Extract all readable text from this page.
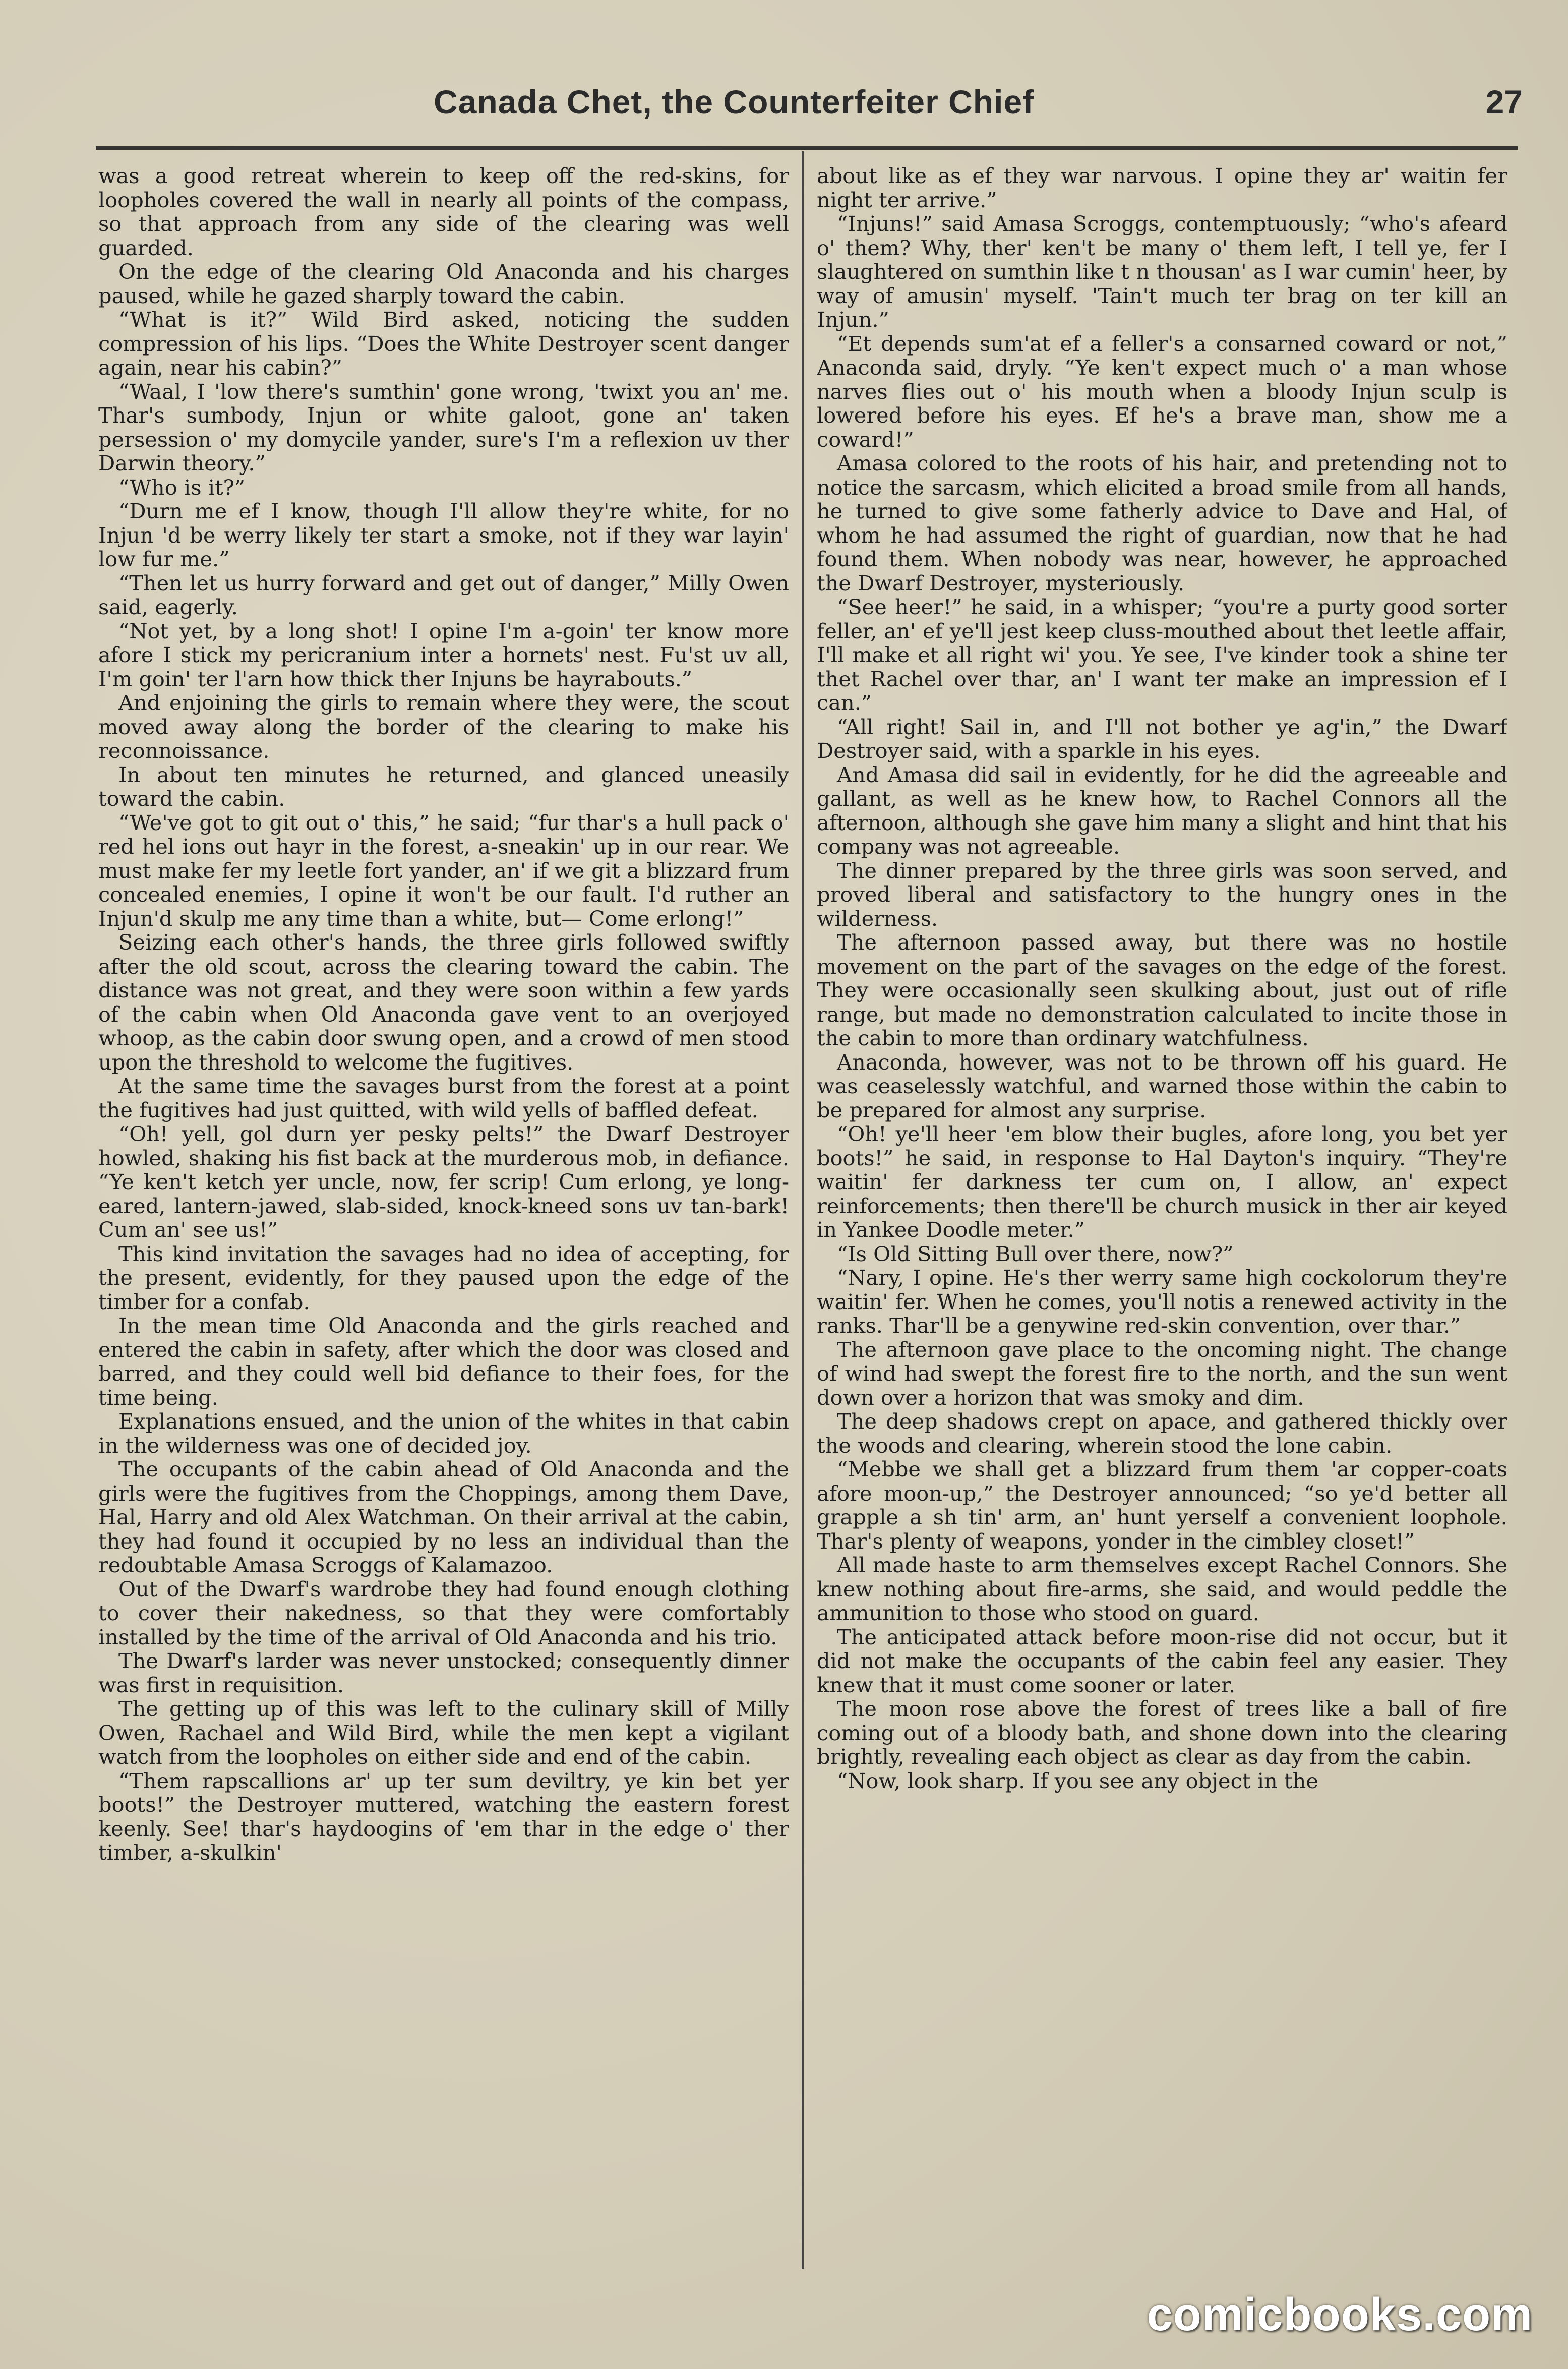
Canada Chet, the Counterfeiter Chief	27

was a good retreat wherein to keep off the red-skins, for loopholes covered the wall in nearly all points of the compass, so that approach from any side of the clearing was well guarded.

On the edge of the clearing Old Anaconda and his charges paused, while he gazed sharply toward the cabin.

“What is it?” Wild Bird asked, noticing the sudden compression of his lips. “Does the White Destroyer scent danger again, near his cabin?”

“Waal, I 'low there's sumthin' gone wrong, 'twixt you an' me. Thar's sumbody, Injun or white galoot, gone an' taken persession o' my domycile yander, sure's I'm a reflexion uv ther Darwin theory.”

“Who is it?”

“Durn me ef I know, though I'll allow they're white, for no Injun 'd be werry likely ter start a smoke, not if they war layin' low fur me.”

“Then let us hurry forward and get out of danger,” Milly Owen said, eagerly.

“Not yet, by a long shot! I opine I'm a-goin' ter know more afore I stick my pericranium inter a hornets' nest. Fu'st uv all, I'm goin' ter l'arn how thick ther Injuns be hayrabouts.”

And enjoining the girls to remain where they were, the scout moved away along the border of the clearing to make his reconnoissance.

In about ten minutes he returned, and glanced uneasily toward the cabin.

“We've got to git out o' this,” he said; “fur thar's a hull pack o' red hel ions out hayr in the forest, a-sneakin' up in our rear. We must make fer my leetle fort yander, an' if we git a blizzard frum concealed enemies, I opine it won't be our fault. I'd ruther an Injun'd skulp me any time than a white, but— Come erlong!”

Seizing each other's hands, the three girls followed swiftly after the old scout, across the clearing toward the cabin. The distance was not great, and they were soon within a few yards of the cabin when Old Anaconda gave vent to an overjoyed whoop, as the cabin door swung open, and a crowd of men stood upon the threshold to welcome the fugitives.

At the same time the savages burst from the forest at a point the fugitives had just quitted, with wild yells of baffled defeat.

“Oh! yell, gol durn yer pesky pelts!” the Dwarf Destroyer howled, shaking his fist back at the murderous mob, in defiance. “Ye ken't ketch yer uncle, now, fer scrip! Cum erlong, ye long-eared, lantern-jawed, slab-sided, knock-kneed sons uv tan-bark! Cum an' see us!”

This kind invitation the savages had no idea of accepting, for the present, evidently, for they paused upon the edge of the timber for a confab.

In the mean time Old Anaconda and the girls reached and entered the cabin in safety, after which the door was closed and barred, and they could well bid defiance to their foes, for the time being.

Explanations ensued, and the union of the whites in that cabin in the wilderness was one of decided joy.

The occupants of the cabin ahead of Old Anaconda and the girls were the fugitives from the Choppings, among them Dave, Hal, Harry and old Alex Watchman. On their arrival at the cabin, they had found it occupied by no less an individual than the redoubtable Amasa Scroggs of Kalamazoo.

Out of the Dwarf's wardrobe they had found enough clothing to cover their nakedness, so that they were comfortably installed by the time of the arrival of Old Anaconda and his trio.

The Dwarf's larder was never unstocked; consequently dinner was first in requisition.

The getting up of this was left to the culinary skill of Milly Owen, Rachael and Wild Bird, while the men kept a vigilant watch from the loopholes on either side and end of the cabin.

“Them rapscallions ar' up ter sum deviltry, ye kin bet yer boots!” the Destroyer muttered, watching the eastern forest keenly. See! thar's haydoogins of 'em thar in the edge o' ther timber, a-skulkin'

about like as ef they war narvous. I opine they ar' waitin fer night ter arrive.”

“Injuns!” said Amasa Scroggs, contemptuously; “who's afeard o' them? Why, ther' ken't be many o' them left, I tell ye, fer I slaughtered on sumthin like t n thousan' as I war cumin' heer, by way of amusin' myself. 'Tain't much ter brag on ter kill an Injun.”

“Et depends sum'at ef a feller's a consarned coward or not,” Anaconda said, dryly. “Ye ken't expect much o' a man whose narves flies out o' his mouth when a bloody Injun sculp is lowered before his eyes. Ef he's a brave man, show me a coward!”

Amasa colored to the roots of his hair, and pretending not to notice the sarcasm, which elicited a broad smile from all hands, he turned to give some fatherly advice to Dave and Hal, of whom he had assumed the right of guardian, now that he had found them. When nobody was near, however, he approached the Dwarf Destroyer, mysteriously.

“See heer!” he said, in a whisper; “you're a purty good sorter feller, an' ef ye'll jest keep cluss-mouthed about thet leetle affair, I'll make et all right wi' you. Ye see, I've kinder took a shine ter thet Rachel over thar, an' I want ter make an impression ef I can.”

“All right! Sail in, and I'll not bother ye ag'in,” the Dwarf Destroyer said, with a sparkle in his eyes.

And Amasa did sail in evidently, for he did the agreeable and gallant, as well as he knew how, to Rachel Connors all the afternoon, although she gave him many a slight and hint that his company was not agreeable.

The dinner prepared by the three girls was soon served, and proved liberal and satisfactory to the hungry ones in the wilderness.

The afternoon passed away, but there was no hostile movement on the part of the savages on the edge of the forest. They were occasionally seen skulking about, just out of rifle range, but made no demonstration calculated to incite those in the cabin to more than ordinary watchfulness.

Anaconda, however, was not to be thrown off his guard. He was ceaselessly watchful, and warned those within the cabin to be prepared for almost any surprise.

“Oh! ye'll heer 'em blow their bugles, afore long, you bet yer boots!” he said, in response to Hal Dayton's inquiry. “They're waitin' fer darkness ter cum on, I allow, an' expect reinforcements; then there'll be church musick in ther air keyed in Yankee Doodle meter.”

“Is Old Sitting Bull over there, now?”

“Nary, I opine. He's ther werry same high cockolorum they're waitin' fer. When he comes, you'll notis a renewed activity in the ranks. Thar'll be a genywine red-skin convention, over thar.”

The afternoon gave place to the oncoming night. The change of wind had swept the forest fire to the north, and the sun went down over a horizon that was smoky and dim.

The deep shadows crept on apace, and gathered thickly over the woods and clearing, wherein stood the lone cabin.

“Mebbe we shall get a blizzard frum them 'ar copper-coats afore moon-up,” the Destroyer announced; “so ye'd better all grapple a sh tin' arm, an' hunt yerself a convenient loophole. Thar's plenty of weapons, yonder in the cimbley closet!”

All made haste to arm themselves except Rachel Connors. She knew nothing about fire-arms, she said, and would peddle the ammunition to those who stood on guard.

The anticipated attack before moon-rise did not occur, but it did not make the occupants of the cabin feel any easier. They knew that it must come sooner or later.

The moon rose above the forest of trees like a ball of fire coming out of a bloody bath, and shone down into the clearing brightly, revealing each object as clear as day from the cabin.

“Now, look sharp. If you see any object in the

comicbooks.com
